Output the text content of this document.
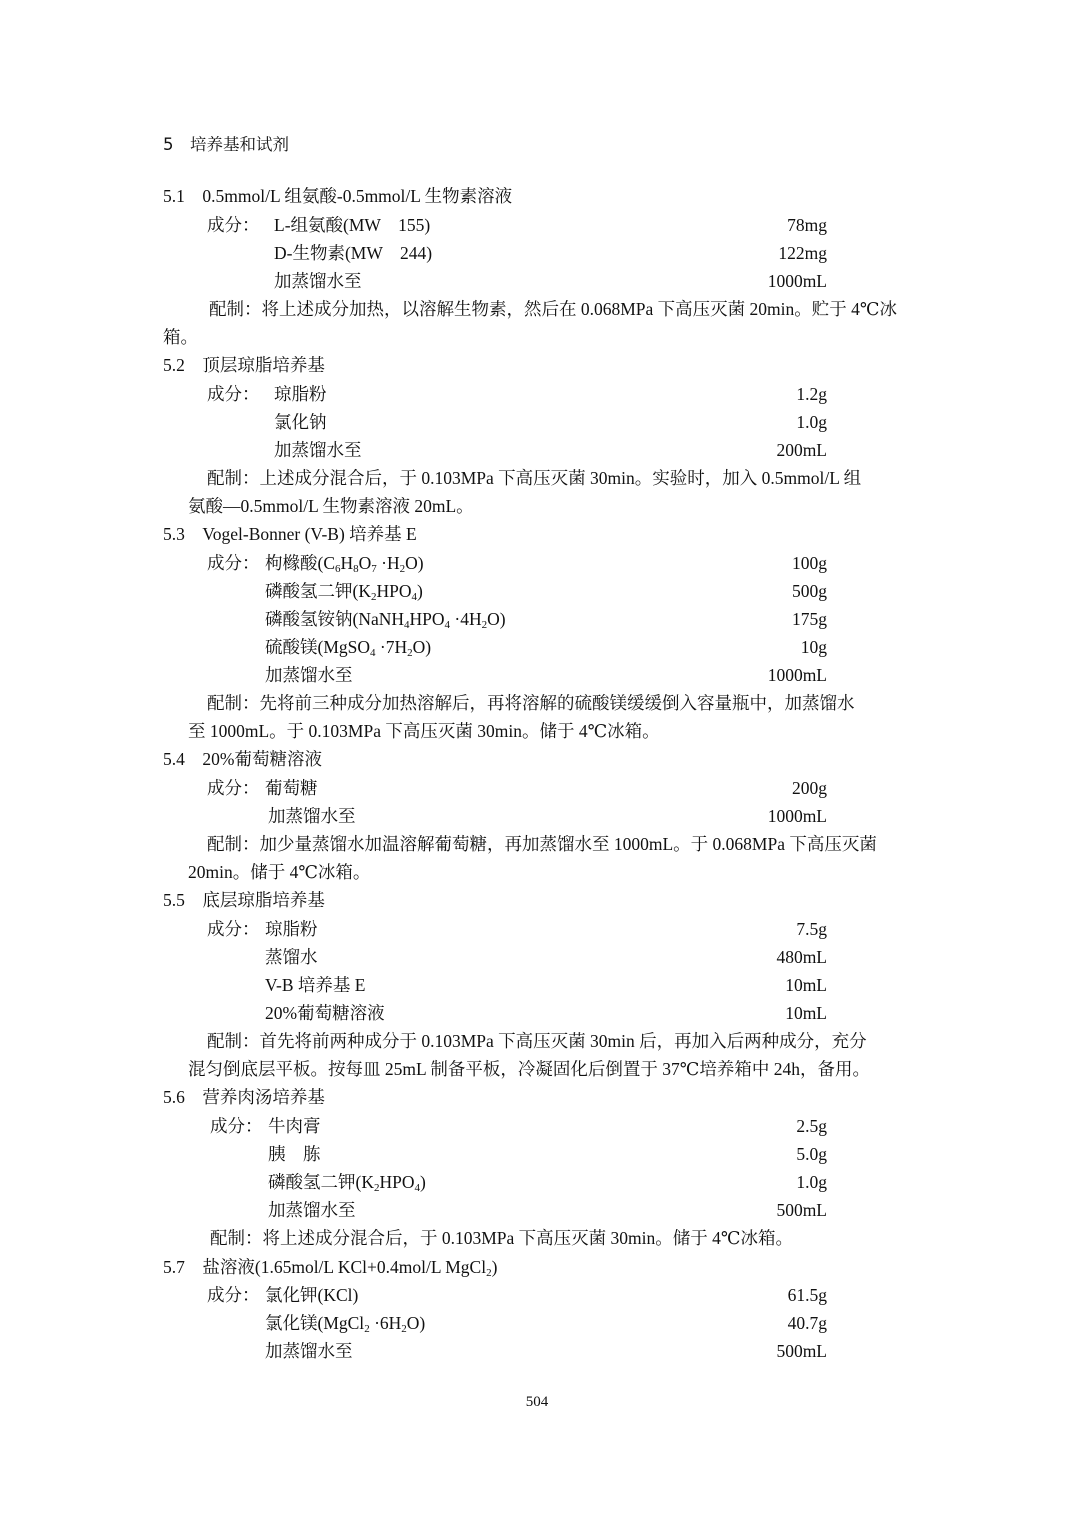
5　培养基和试剂
5.1　0.5mmol/L 组氨酸-0.5mmol/L 生物素溶液
成分： L-组氨酸(MW　155)	78mg
D-生物素(MW　244)	122mg
加蒸馏水至	1000mL
配制：将上述成分加热，以溶解生物素，然后在 0.068MPa 下高压灭菌 20min。贮于 4℃冰
箱。
5.2　顶层琼脂培养基
成分： 琼脂粉	1.2g
氯化钠	1.0g
加蒸馏水至	200mL
配制：上述成分混合后，于 0.103MPa 下高压灭菌 30min。实验时，加入 0.5mmol/L 组
氨酸—0.5mmol/L 生物素溶液 20mL。
5.3　Vogel-Bonner (V-B) 培养基 E
成分： 枸橼酸$(C_6H_8O_7 \cdot H_2O)$	100g
磷酸氢二钾$(K_2HPO_4)$	500g
磷酸氢铵钠$(NaNH_4HPO_4 \cdot 4H_2O)$	175g
硫酸镁(MgSO$_4$ $\cdot 7H_2O$)	10g
加蒸馏水至	1000mL
配制：先将前三种成分加热溶解后，再将溶解的硫酸镁缓缓倒入容量瓶中，加蒸馏水
至 1000mL。于 0.103MPa 下高压灭菌 30min。储于 4℃冰箱。
5.4　20%葡萄糖溶液
成分： 葡萄糖	200g
加蒸馏水至	1000mL
配制：加少量蒸馏水加温溶解葡萄糖，再加蒸馏水至 1000mL。于 0.068MPa 下高压灭菌
20min。储于 4℃冰箱。
5.5　底层琼脂培养基
成分： 琼脂粉	7.5g
蒸馏水	480mL
V-B 培养基 E	10mL
20%葡萄糖溶液	10mL
配制：首先将前两种成分于 0.103MPa 下高压灭菌 30min 后，再加入后两种成分，充分
混匀倒底层平板。按每皿 25mL 制备平板，冷凝固化后倒置于 37℃培养箱中 24h，备用。
5.6　营养肉汤培养基
成分： 牛肉膏	2.5g
胰　胨	5.0g
磷酸氢二钾$(K_2HPO_4)$	1.0g
加蒸馏水至	500mL
配制：将上述成分混合后，于 0.103MPa 下高压灭菌 30min。储于 4℃冰箱。
5.7　盐溶液(1.65mol/L KCl+0.4mol/L MgCl$_2$)
成分： 氯化钾(KCl)	61.5g
氯化镁(MgCl$_2$ $\cdot 6H_2O$)	40.7g
加蒸馏水至	500mL
504
